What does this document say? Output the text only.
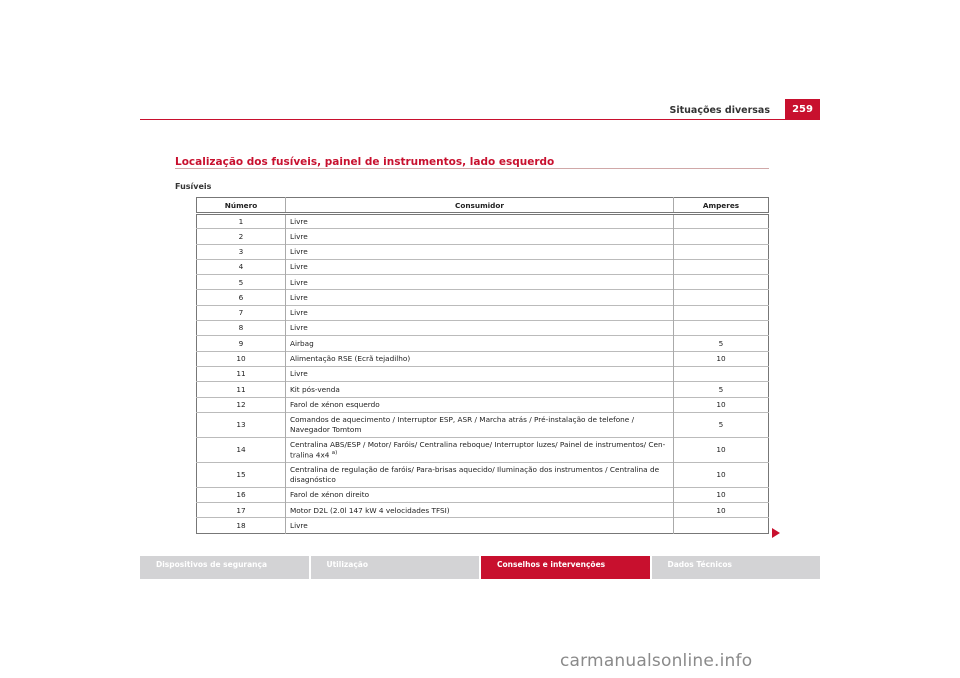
Situações diversas	259
Localização dos fusíveis, painel de instrumentos, lado esquerdo
Fusíveis
Número	Consumidor	Amperes
1	Livre	
2	Livre	
3	Livre	
4	Livre	
5	Livre	
6	Livre	
7	Livre	
8	Livre	
9	Airbag	5
10	Alimentação RSE (Ecrã tejadilho)	10
11	Livre	
11	Kit pós-venda	5
12	Farol de xénon esquerdo	10
13	Comandos de aquecimento / Interruptor ESP, ASR / Marcha atrás / Pré-instalação de telefone / Navegador Tomtom	5
14	Centralina ABS/ESP / Motor/ Faróis/ Centralina reboque/ Interruptor luzes/ Painel de instrumentos/ Cen-tralina 4x4 $^{a)}$	10
15	Centralina de regulação de faróis/ Para-brisas aquecido/ Iluminação dos instrumentos / Centralina de disagnóstico	10
16	Farol de xénon direito	10
17	Motor D2L (2.0l 147 kW 4 velocidades TFSI)	10
18	Livre	
Dispositivos de segurança	Utilização	Conselhos e intervenções	Dados Técnicos
carmanualsonline.info
